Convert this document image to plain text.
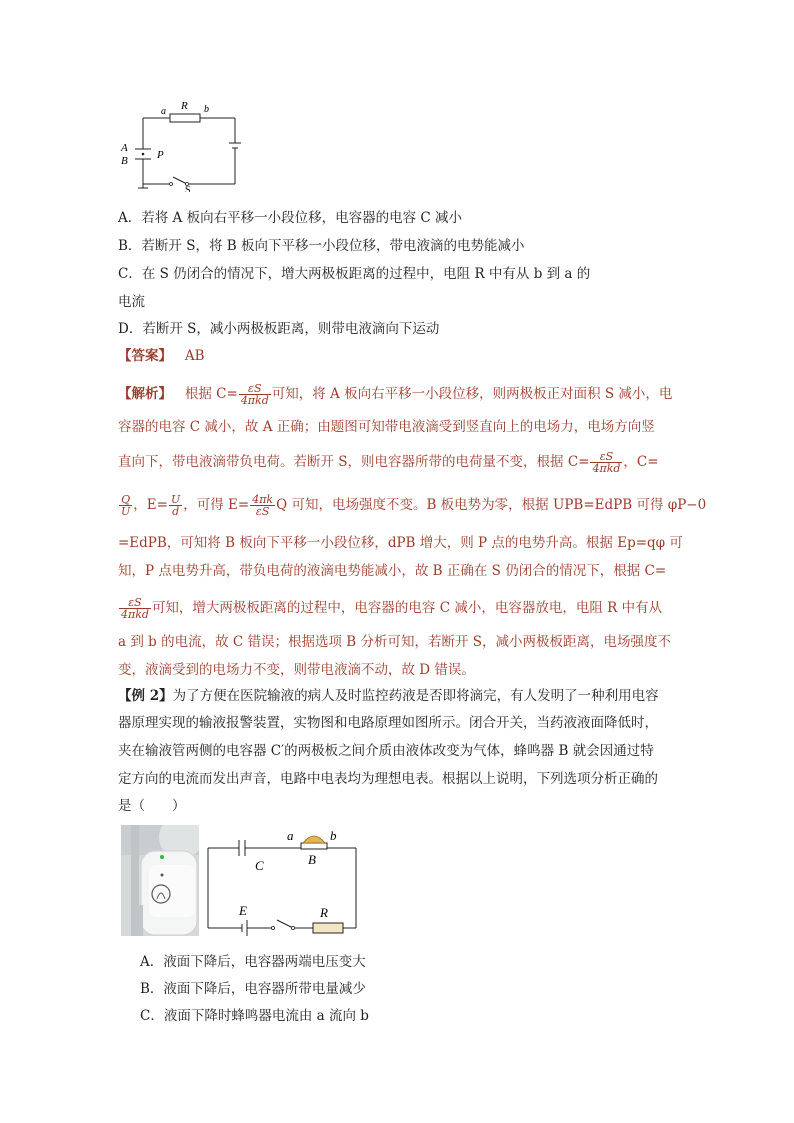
a R b
A
B	P
S
A．若将 A 板向右平移一小段位移，电容器的电容 C 减小
B．若断开 S，将 B 板向下平移一小段位移，带电液滴的电势能减小
C．在 S 仍闭合的情况下，增大两极板距离的过程中，电阻 R 中有从 b 到 a 的
电流
D．若断开 S，减小两极板距离，则带电液滴向下运动
【答案】 AB
【解析】 根据 $C= \frac{\varepsilon S}{\text{4πkd}}$ 可知，将 A 板向右平移一小段位移，则两极板正对面积 S 减小，电
容器的电容 C 减小，故 A 正确；由题图可知带电液滴受到竖直向上的电场力，电场方向竖
直向下，带电液滴带负电荷。若断开 S，则电容器所带的电荷量不变，根据 $C= \frac{\varepsilon S}{\text{4πkd}}$ ，C=
$\frac{Q}{U}$ ，$E= \frac{U}{d}$ ，可得 $E= \frac{4\pi k}{\varepsilon S}$ Q 可知，电场强度不变。B 板电势为零，根据 UPB=EdPB 可得 φP−0
=EdPB，可知将 B 板向下平移一小段位移，dPB 增大，则 P 点的电势升高。根据 Ep=qφ 可
知，P 点电势升高，带负电荷的液滴电势能减小，故 B 正确在 S 仍闭合的情况下，根据 C=
$\frac{\varepsilon S}{\text{4πkd}}$ 可知，增大两极板距离的过程中，电容器的电容 C 减小，电容器放电，电阻 R 中有从
a 到 b 的电流，故 C 错误；根据选项 B 分析可知，若断开 S，减小两极板距离，电场强度不
变，液滴受到的电场力不变，则带电液滴不动，故 D 错误。
【例 2】为了方便在医院输液的病人及时监控药液是否即将滴完，有人发明了一种利用电容
器原理实现的输液报警装置，实物图和电路原理如图所示。闭合开关，当药液液面降低时，
夹在输液管两侧的电容器 C′的两极板之间介质由液体改变为气体，蜂鸣器 B 就会因通过特
定方向的电流而发出声音，电路中电表均为理想电表。根据以上说明，下列选项分析正确的
是（　　）
a	b
C	B
E	R
A．液面下降后，电容器两端电压变大
B．液面下降后，电容器所带电量减少
C．液面下降时蜂鸣器电流由 a 流向 b
